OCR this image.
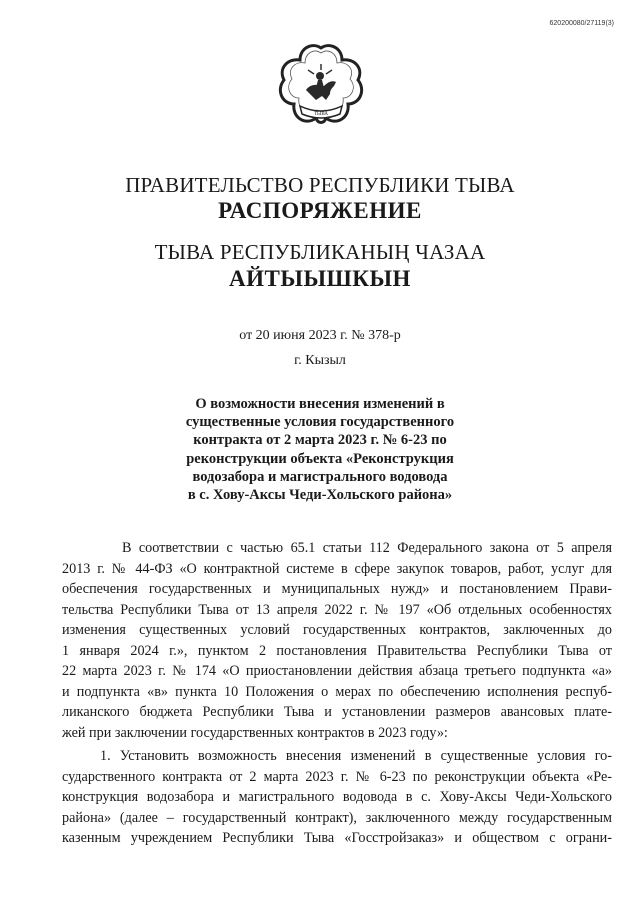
620200080/27119(3)
ТЫВА
ПРАВИТЕЛЬСТВО РЕСПУБЛИКИ ТЫВА
РАСПОРЯЖЕНИЕ
ТЫВА РЕСПУБЛИКАНЫҢ ЧАЗАА
АЙТЫЫШКЫН
от 20 июня 2023 г. № 378-р
г. Кызыл
О возможности внесения изменений в
существенные условия государственного
контракта от 2 марта 2023 г. № 6-23 по
реконструкции объекта «Реконструкция
водозабора и магистрального водовода
в с. Хову-Аксы Чеди-Хольского района»
В соответствии с частью 65.1 статьи 112 Федерального закона от 5 апреля
2013 г. № 44-ФЗ «О контрактной системе в сфере закупок товаров, работ, услуг для
обеспечения государственных и муниципальных нужд» и постановлением Прави-
тельства Республики Тыва от 13 апреля 2022 г. № 197 «Об отдельных особенностях
изменения существенных условий государственных контрактов, заключенных до
1 января 2024 г.», пунктом 2 постановления Правительства Республики Тыва от
22 марта 2023 г. № 174 «О приостановлении действия абзаца третьего подпункта «а»
и подпункта «в» пункта 10 Положения о мерах по обеспечению исполнения респуб-
ликанского бюджета Республики Тыва и установлении размеров авансовых плате-
жей при заключении государственных контрактов в 2023 году»:
1. Установить возможность внесения изменений в существенные условия го-
сударственного контракта от 2 марта 2023 г. № 6-23 по реконструкции объекта «Ре-
конструкция водозабора и магистрального водовода в с. Хову-Аксы Чеди-Хольского
района» (далее – государственный контракт), заключенного между государственным
казенным учреждением Республики Тыва «Госстройзаказ» и обществом с ограни-
